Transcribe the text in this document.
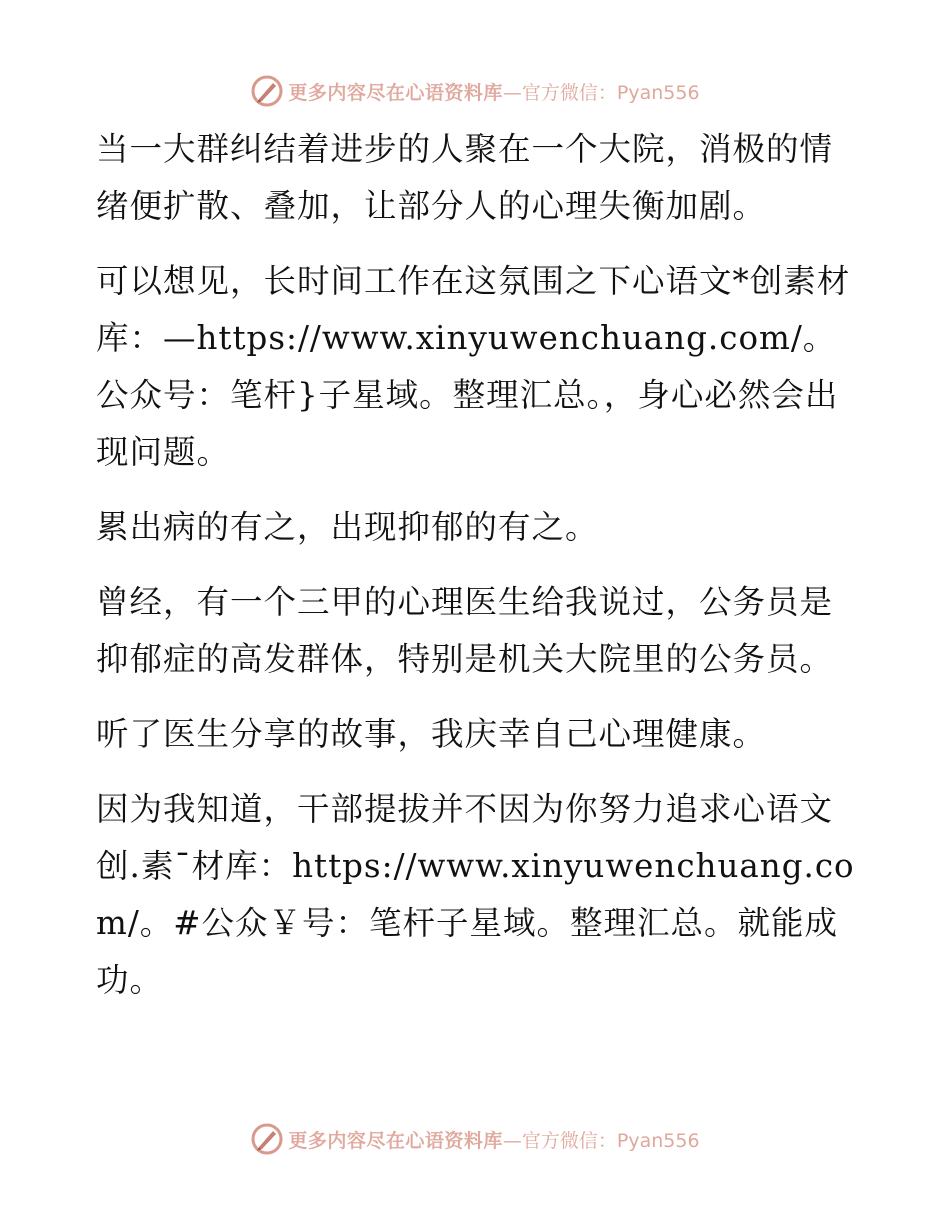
更多内容尽在心语资料库 —官方微信：Pyan556

当一大群纠结着进步的人聚在一个大院，消极的情绪便扩散、叠加，让部分人的心理失衡加剧。

可以想见，长时间工作在这氛围之下心语文*创素材库：—https://www.xinyuwenchuang.com/。公众号：笔杆}子星域。整理汇总。，身心必然会出现问题。

累出病的有之，出现抑郁的有之。

曾经，有一个三甲的心理医生给我说过，公务员是抑郁症的高发群体，特别是机关大院里的公务员。

听了医生分享的故事，我庆幸自己心理健康。

因为我知道，干部提拔并不因为你努力追求心语文创.素¯材库：https://www.xinyuwenchuang.com/。#公众￥号：笔杆子星域。整理汇总。就能成功。

更多内容尽在心语资料库 —官方微信：Pyan556
